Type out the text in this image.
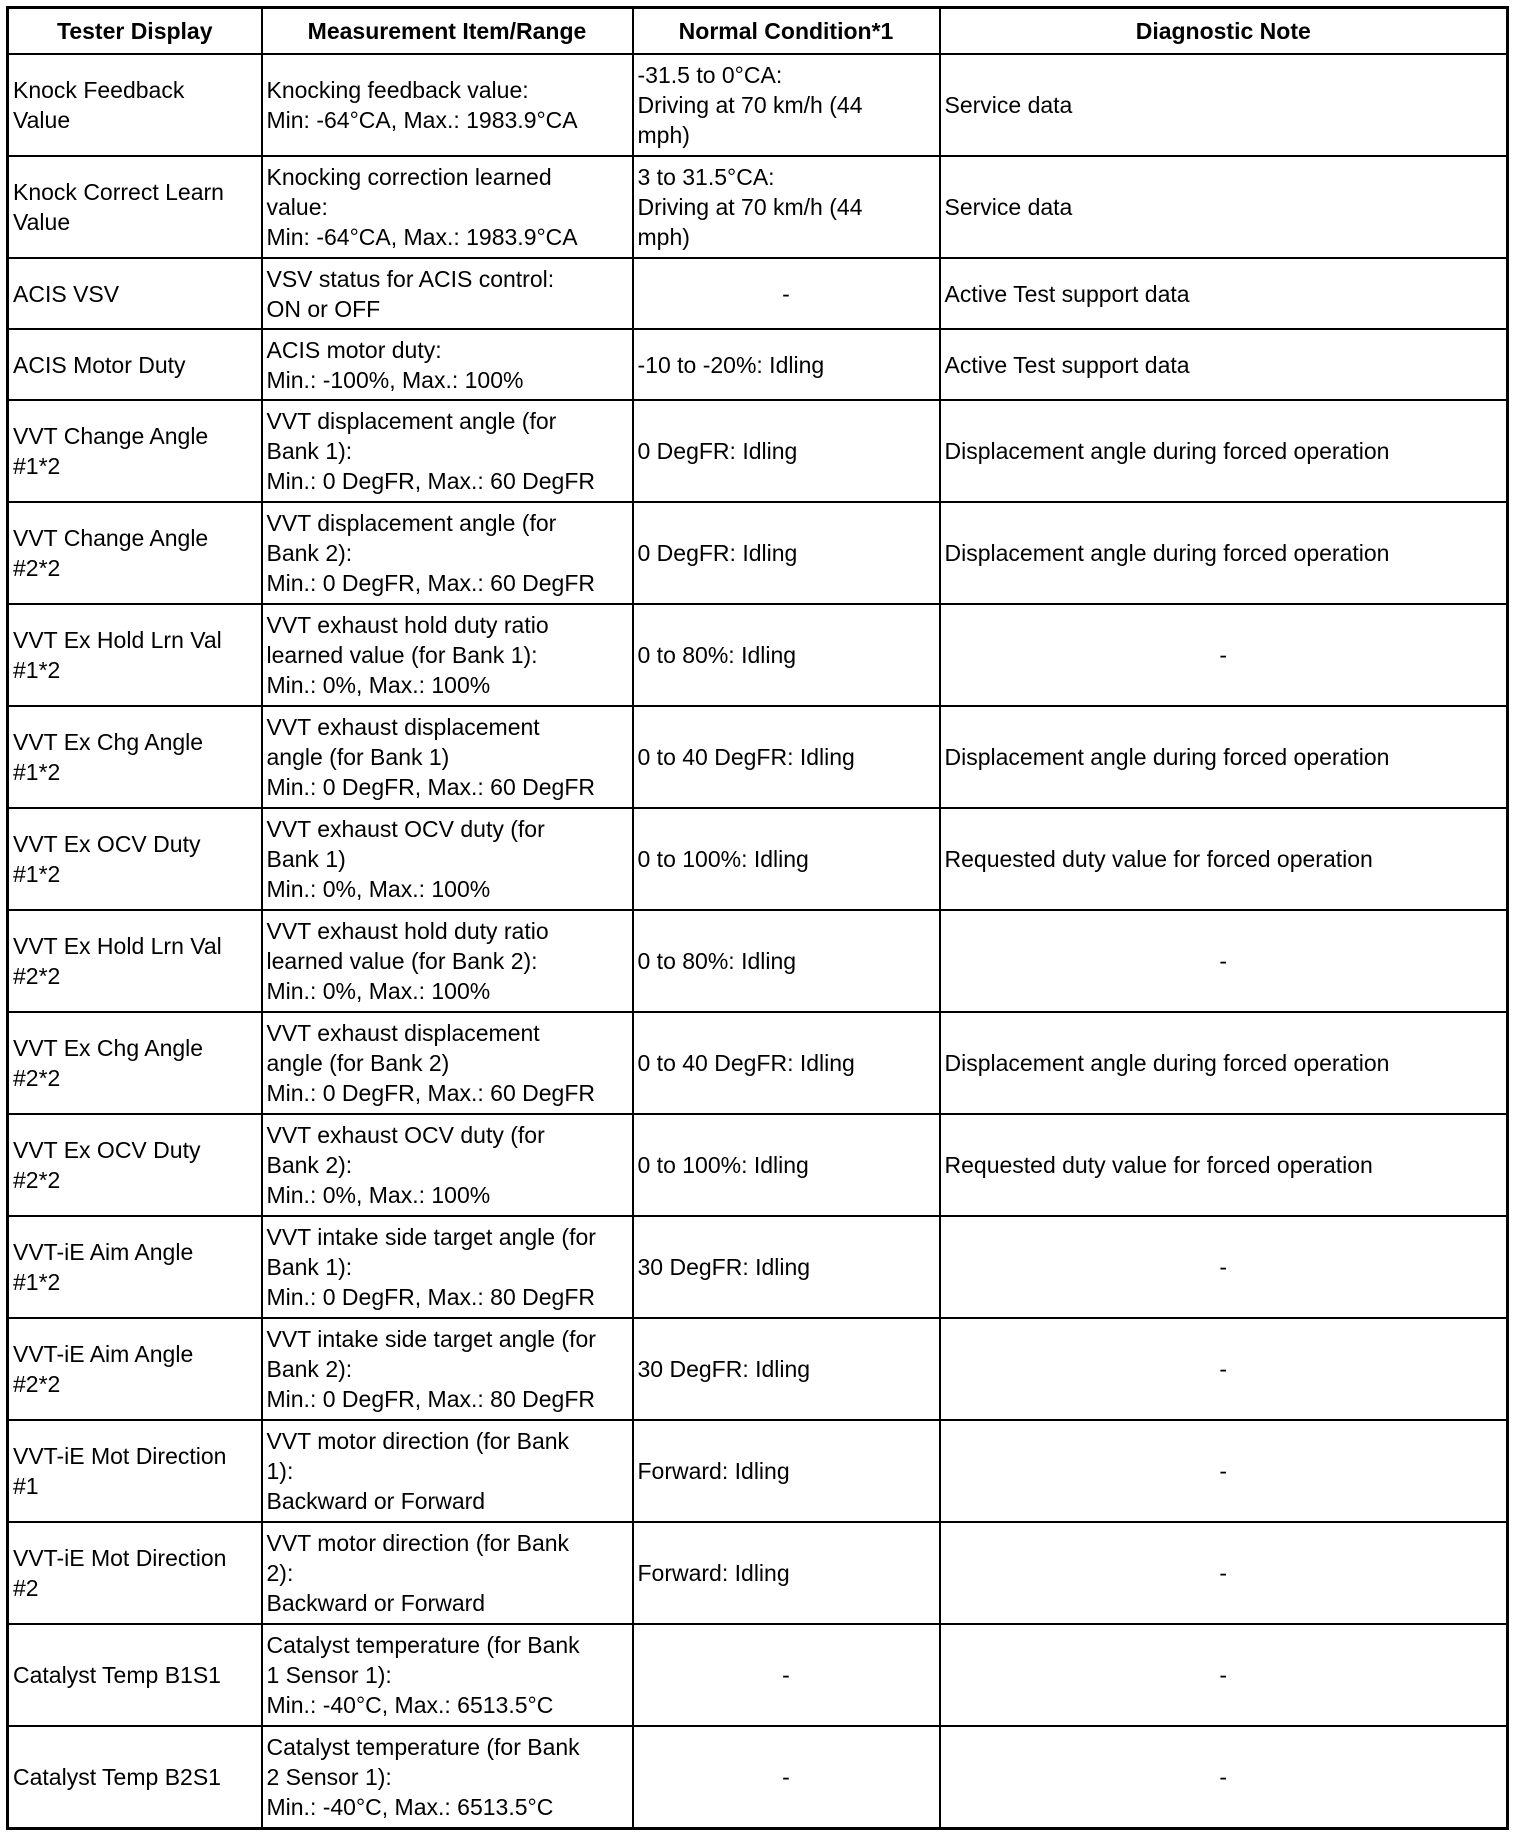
Tester Display	Measurement Item/Range	Normal Condition*1	Diagnostic Note

Knock Feedback
Value	Knocking feedback value:
Min: -64°CA, Max.: 1983.9°CA	-31.5 to 0°CA:
Driving at 70 km/h (44
mph)	Service data

Knock Correct Learn
Value	Knocking correction learned
value:
Min: -64°CA, Max.: 1983.9°CA	3 to 31.5°CA:
Driving at 70 km/h (44
mph)	Service data

ACIS VSV	VSV status for ACIS control:
ON or OFF	-	Active Test support data

ACIS Motor Duty	ACIS motor duty:
Min.: -100%, Max.: 100%	-10 to -20%: Idling	Active Test support data

VVT Change Angle
#1*2	VVT displacement angle (for
Bank 1):
Min.: 0 DegFR, Max.: 60 DegFR	0 DegFR: Idling	Displacement angle during forced operation

VVT Change Angle
#2*2	VVT displacement angle (for
Bank 2):
Min.: 0 DegFR, Max.: 60 DegFR	0 DegFR: Idling	Displacement angle during forced operation

VVT Ex Hold Lrn Val
#1*2	VVT exhaust hold duty ratio
learned value (for Bank 1):
Min.: 0%, Max.: 100%	0 to 80%: Idling	-

VVT Ex Chg Angle
#1*2	VVT exhaust displacement
angle (for Bank 1)
Min.: 0 DegFR, Max.: 60 DegFR	0 to 40 DegFR: Idling	Displacement angle during forced operation

VVT Ex OCV Duty
#1*2	VVT exhaust OCV duty (for
Bank 1)
Min.: 0%, Max.: 100%	0 to 100%: Idling	Requested duty value for forced operation

VVT Ex Hold Lrn Val
#2*2	VVT exhaust hold duty ratio
learned value (for Bank 2):
Min.: 0%, Max.: 100%	0 to 80%: Idling	-

VVT Ex Chg Angle
#2*2	VVT exhaust displacement
angle (for Bank 2)
Min.: 0 DegFR, Max.: 60 DegFR	0 to 40 DegFR: Idling	Displacement angle during forced operation

VVT Ex OCV Duty
#2*2	VVT exhaust OCV duty (for
Bank 2):
Min.: 0%, Max.: 100%	0 to 100%: Idling	Requested duty value for forced operation

VVT-iE Aim Angle
#1*2	VVT intake side target angle (for
Bank 1):
Min.: 0 DegFR, Max.: 80 DegFR	30 DegFR: Idling	-

VVT-iE Aim Angle
#2*2	VVT intake side target angle (for
Bank 2):
Min.: 0 DegFR, Max.: 80 DegFR	30 DegFR: Idling	-

VVT-iE Mot Direction
#1	VVT motor direction (for Bank
1):
Backward or Forward	Forward: Idling	-

VVT-iE Mot Direction
#2	VVT motor direction (for Bank
2):
Backward or Forward	Forward: Idling	-

Catalyst Temp B1S1	Catalyst temperature (for Bank
1 Sensor 1):
Min.: -40°C, Max.: 6513.5°C	-	-

Catalyst Temp B2S1	Catalyst temperature (for Bank
2 Sensor 1):
Min.: -40°C, Max.: 6513.5°C	-	-
